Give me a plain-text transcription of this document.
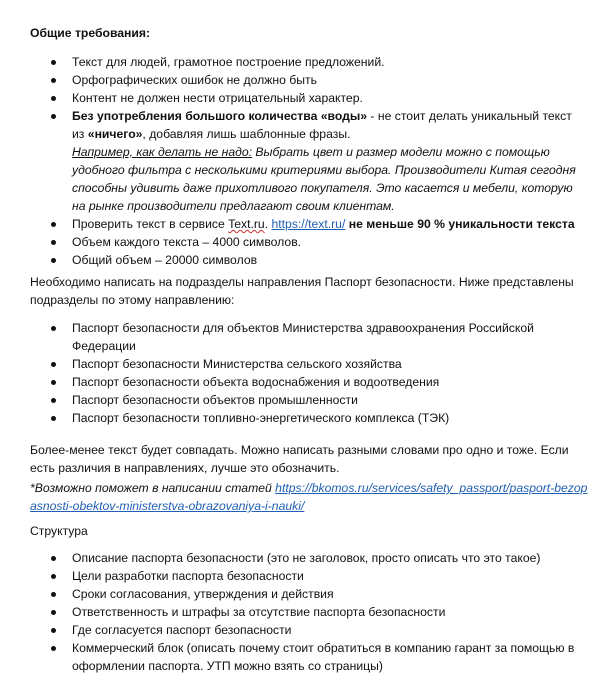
Общие требования:
Текст для людей, грамотное построение предложений.
Орфографических ошибок не должно быть
Контент не должен нести отрицательный характер.
Без употребления большого количества «воды» - не стоит делать уникальный текст из «ничего», добавляя лишь шаблонные фразы.
Например, как делать не надо: Выбрать цвет и размер модели можно с помощью удобного фильтра с несколькими критериями выбора. Производители Китая сегодня способны удивить даже прихотливого покупателя. Это касается и мебели, которую на рынке производители предлагают своим клиентам.
Проверить текст в сервисе Text.ru. https://text.ru/ не меньше 90 % уникальности текста
Объем каждого текста – 4000 символов.
Общий объем – 20000 символов
Необходимо написать на подразделы направления Паспорт безопасности. Ниже представлены подразделы по этому направлению:
Паспорт безопасности для объектов Министерства здравоохранения Российской Федерации
Паспорт безопасности Министерства сельского хозяйства
Паспорт безопасности объекта водоснабжения и водоотведения
Паспорт безопасности объектов промышленности
Паспорт безопасности топливно-энергетического комплекса (ТЭК)
Более-менее текст будет совпадать. Можно написать разными словами про одно и тоже. Если есть различия в направлениях, лучше это обозначить.
*Возможно поможет в написании статей https://bkomos.ru/services/safety_passport/pasport-bezopasnosti-obektov-ministerstva-obrazovaniya-i-nauki/
Структура
Описание паспорта безопасности (это не заголовок, просто описать что это такое)
Цели разработки паспорта безопасности
Сроки согласования, утверждения и действия
Ответственность и штрафы за отсутствие паспорта безопасности
Где согласуется паспорт безопасности
Коммерческий блок (описать почему стоит обратиться в компанию гарант за помощью в оформлении паспорта. УТП можно взять со страницы)
